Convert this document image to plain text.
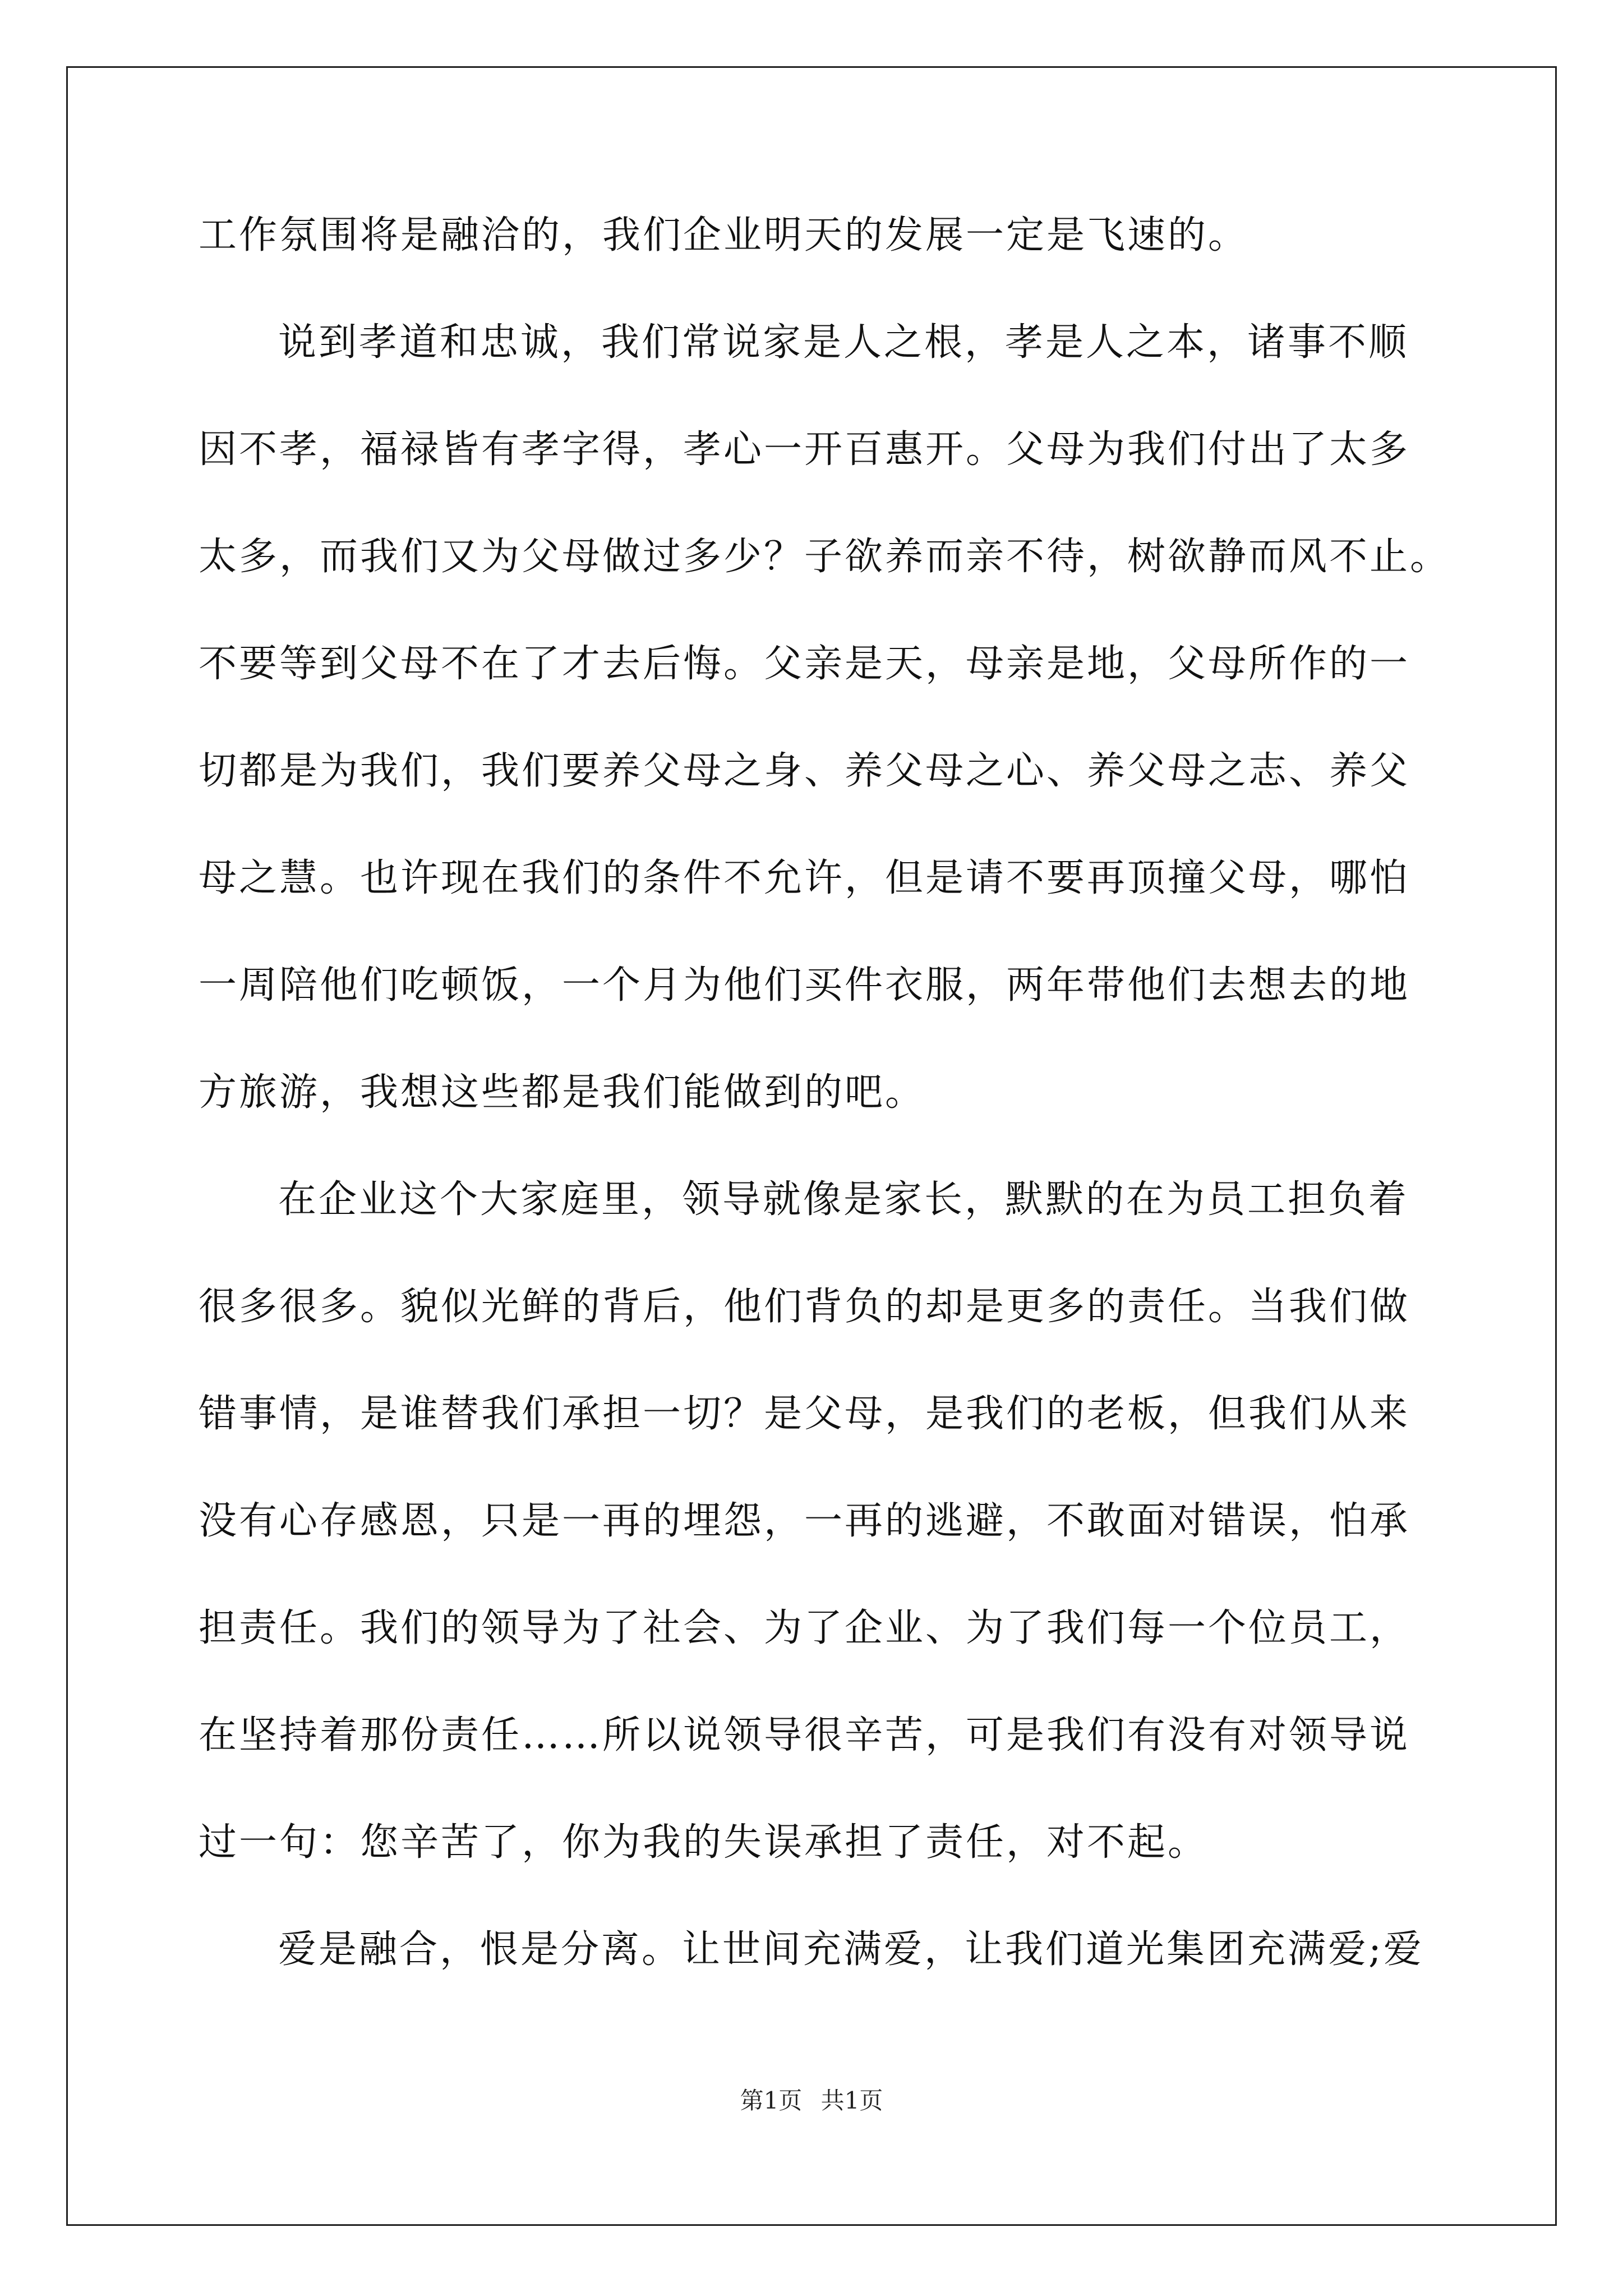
工作氛围将是融洽的，我们企业明天的发展一定是飞速的。
说到孝道和忠诚，我们常说家是人之根，孝是人之本，诸事不顺
因不孝，福禄皆有孝字得，孝心一开百惠开。父母为我们付出了太多
太多，而我们又为父母做过多少？子欲养而亲不待，树欲静而风不止。
不要等到父母不在了才去后悔。父亲是天，母亲是地，父母所作的一
切都是为我们，我们要养父母之身、养父母之心、养父母之志、养父
母之慧。也许现在我们的条件不允许，但是请不要再顶撞父母，哪怕
一周陪他们吃顿饭，一个月为他们买件衣服，两年带他们去想去的地
方旅游，我想这些都是我们能做到的吧。
在企业这个大家庭里，领导就像是家长，默默的在为员工担负着
很多很多。貌似光鲜的背后，他们背负的却是更多的责任。当我们做
错事情，是谁替我们承担一切？是父母，是我们的老板，但我们从来
没有心存感恩，只是一再的埋怨，一再的逃避，不敢面对错误，怕承
担责任。我们的领导为了社会、为了企业、为了我们每一个位员工，
在坚持着那份责任……所以说领导很辛苦，可是我们有没有对领导说
过一句：您辛苦了，你为我的失误承担了责任，对不起。
爱是融合，恨是分离。让世间充满爱，让我们道光集团充满爱;爱
第1页 共1页
